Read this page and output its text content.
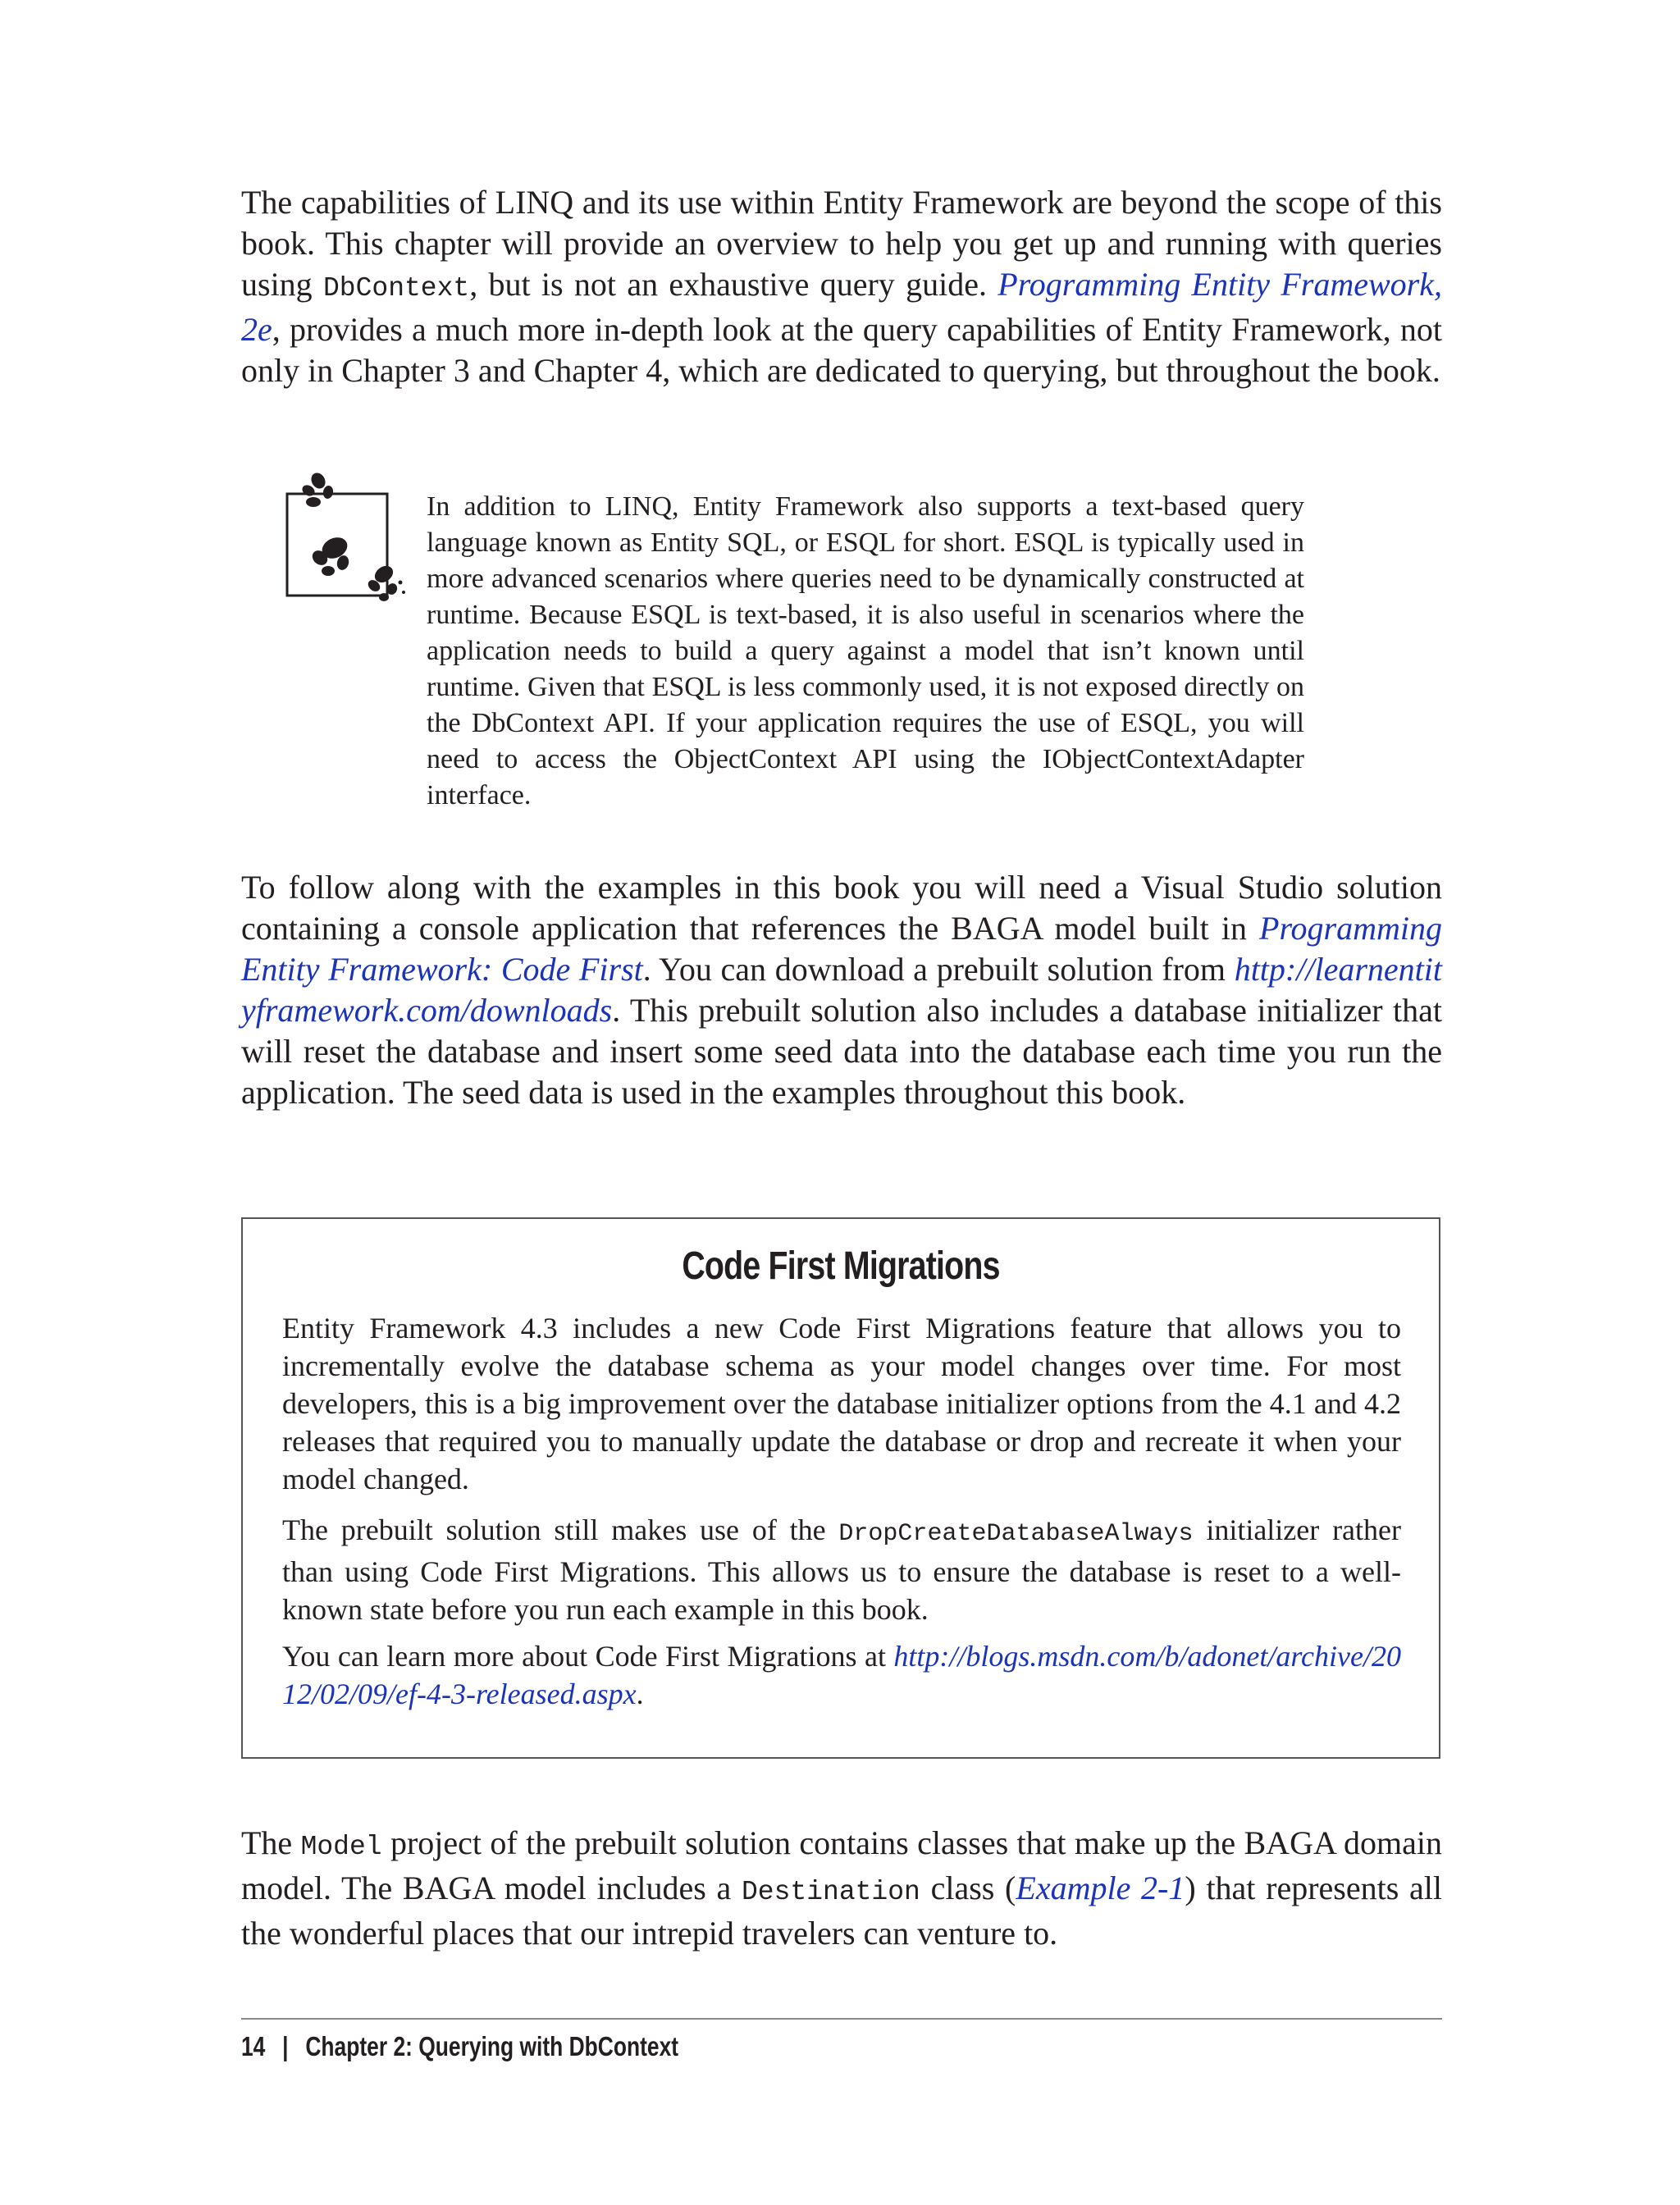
The capabilities of LINQ and its use within Entity Framework are beyond the scope of this book. This chapter will provide an overview to help you get up and running with queries using DbContext, but is not an exhaustive query guide. Programming Entity Framework, 2e, provides a much more in-depth look at the query capabilities of Entity Framework, not only in Chapter 3 and Chapter 4, which are dedicated to querying, but throughout the book.

In addition to LINQ, Entity Framework also supports a text-based query language known as Entity SQL, or ESQL for short. ESQL is typically used in more advanced scenarios where queries need to be dynamically constructed at runtime. Because ESQL is text-based, it is also useful in scenarios where the application needs to build a query against a model that isn’t known until runtime. Given that ESQL is less commonly used, it is not exposed directly on the DbContext API. If your application requires the use of ESQL, you will need to access the ObjectContext API using the IObjectContextAdapter interface.

To follow along with the examples in this book you will need a Visual Studio solution containing a console application that references the BAGA model built in Programming Entity Framework: Code First. You can download a prebuilt solution from http://learnentityframework.com/downloads. This prebuilt solution also includes a database initializer that will reset the database and insert some seed data into the database each time you run the application. The seed data is used in the examples throughout this book.

Code First Migrations

Entity Framework 4.3 includes a new Code First Migrations feature that allows you to incrementally evolve the database schema as your model changes over time. For most developers, this is a big improvement over the database initializer options from the 4.1 and 4.2 releases that required you to manually update the database or drop and recreate it when your model changed.

The prebuilt solution still makes use of the DropCreateDatabaseAlways initializer rather than using Code First Migrations. This allows us to ensure the database is reset to a well-known state before you run each example in this book.

You can learn more about Code First Migrations at http://blogs.msdn.com/b/adonet/archive/2012/02/09/ef-4-3-released.aspx.

The Model project of the prebuilt solution contains classes that make up the BAGA domain model. The BAGA model includes a Destination class (Example 2-1) that represents all the wonderful places that our intrepid travelers can venture to.

14 | Chapter 2: Querying with DbContext
